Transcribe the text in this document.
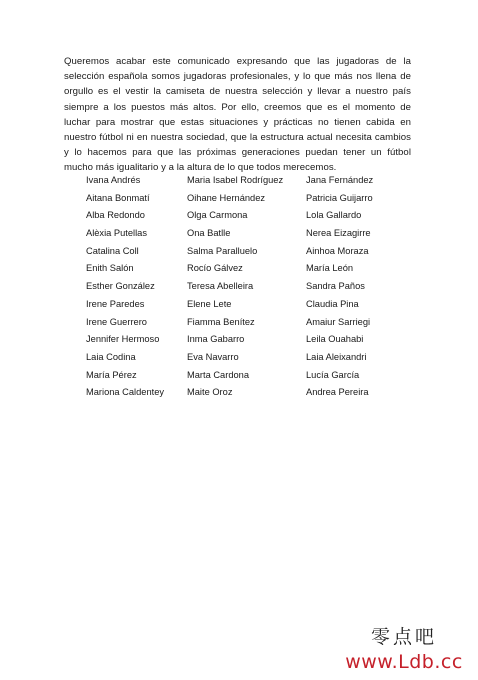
Queremos acabar este comunicado expresando que las jugadoras de la selección española somos jugadoras profesionales, y lo que más nos llena de orgullo es el vestir la camiseta de nuestra selección y llevar a nuestro país siempre a los puestos más altos. Por ello, creemos que es el momento de luchar para mostrar que estas situaciones y prácticas no tienen cabida en nuestro fútbol ni en nuestra sociedad, que la estructura actual necesita cambios y lo hacemos para que las próximas generaciones puedan tener un fútbol mucho más igualitario y a la altura de lo que todos merecemos.

Ivana Andrés
Aitana Bonmatí
Alba Redondo
Alèxia Putellas
Catalina Coll
Enith Salón
Esther González
Irene Paredes
Irene Guerrero
Jennifer Hermoso
Laia Codina
María Pérez
Mariona Caldentey
Maria Isabel Rodríguez
Oihane Hernández
Olga Carmona
Ona Batlle
Salma Paralluelo
Rocío Gálvez
Teresa Abelleira
Elene Lete
Fiamma Benítez
Inma Gabarro
Eva Navarro
Marta Cardona
Maite Oroz
Jana Fernández
Patricia Guijarro
Lola Gallardo
Nerea Eizagirre
Ainhoa Moraza
María León
Sandra Paños
Claudia Pina
Amaiur Sarriegi
Leila Ouahabi
Laia Aleixandri
Lucía García
Andrea Pereira
零点吧
www.Ldb.cc
